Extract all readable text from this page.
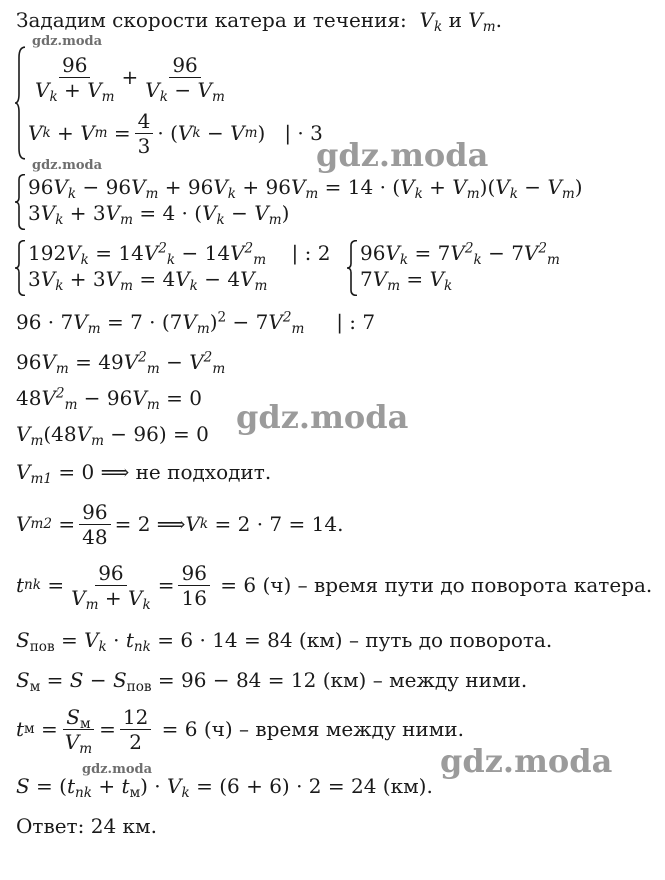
Зададим скорости катера и течения: $V_k$ и $V_m$.
gdz.moda
96
$V_k + V_m$
+
96
$V_k - V_m$
V k + V m =
4
3
· ( V k − V m ) | · 3
gdz.moda
gdz.moda
$96V_k - 96V_m + 96V_k + 96V_m = 14 \cdot (V_k + V_m)(V_k - V_m)$
$3V_k + 3V_m = 4 \cdot (V_k - V_m)$
$192V_k = 14V^2_k - 14V^2_m$ | : 2
$3V_k + 3V_m = 4V_k - 4V_m$
$96V_k = 7V^2_k - 7V^2_m$
$7V_m = V_k$
$96 \cdot 7V_m = 7 \cdot (7V_m)^2 - 7V^2_m$ | : 7
$96V_m = 49V^2_m - V^2_m$
$48V^2_m - 96V_m = 0$ gdz.moda
$V_m(48V_m - 96) = 0$
$V_{m1} = 0$ ⟹ не подходит.
V m2 =
96
48
= 2 ⟹ V k = 2 · 7 = 14.
t nk =
96
$V_m + V_k$
= $\frac{96}{16}$
= 6 (ч) – время пути до поворота катера.
$S_{пов} = V_k \cdot t_{nk} = 6 \cdot 14 = 84$ (км) – путь до поворота.
$S_м = S - S_{пов} = 96 - 84 = 12$ (км) – между ними.
t м =
$S_м$
$V_m$
= $\frac{12}{2}$
= 6 (ч) – время между ними.
gdz.moda
gdz.moda
$S = (t_{nk} + t_м) \cdot V_k = (6 + 6) \cdot 2 = 24$ (км).
Ответ: 24 км.
